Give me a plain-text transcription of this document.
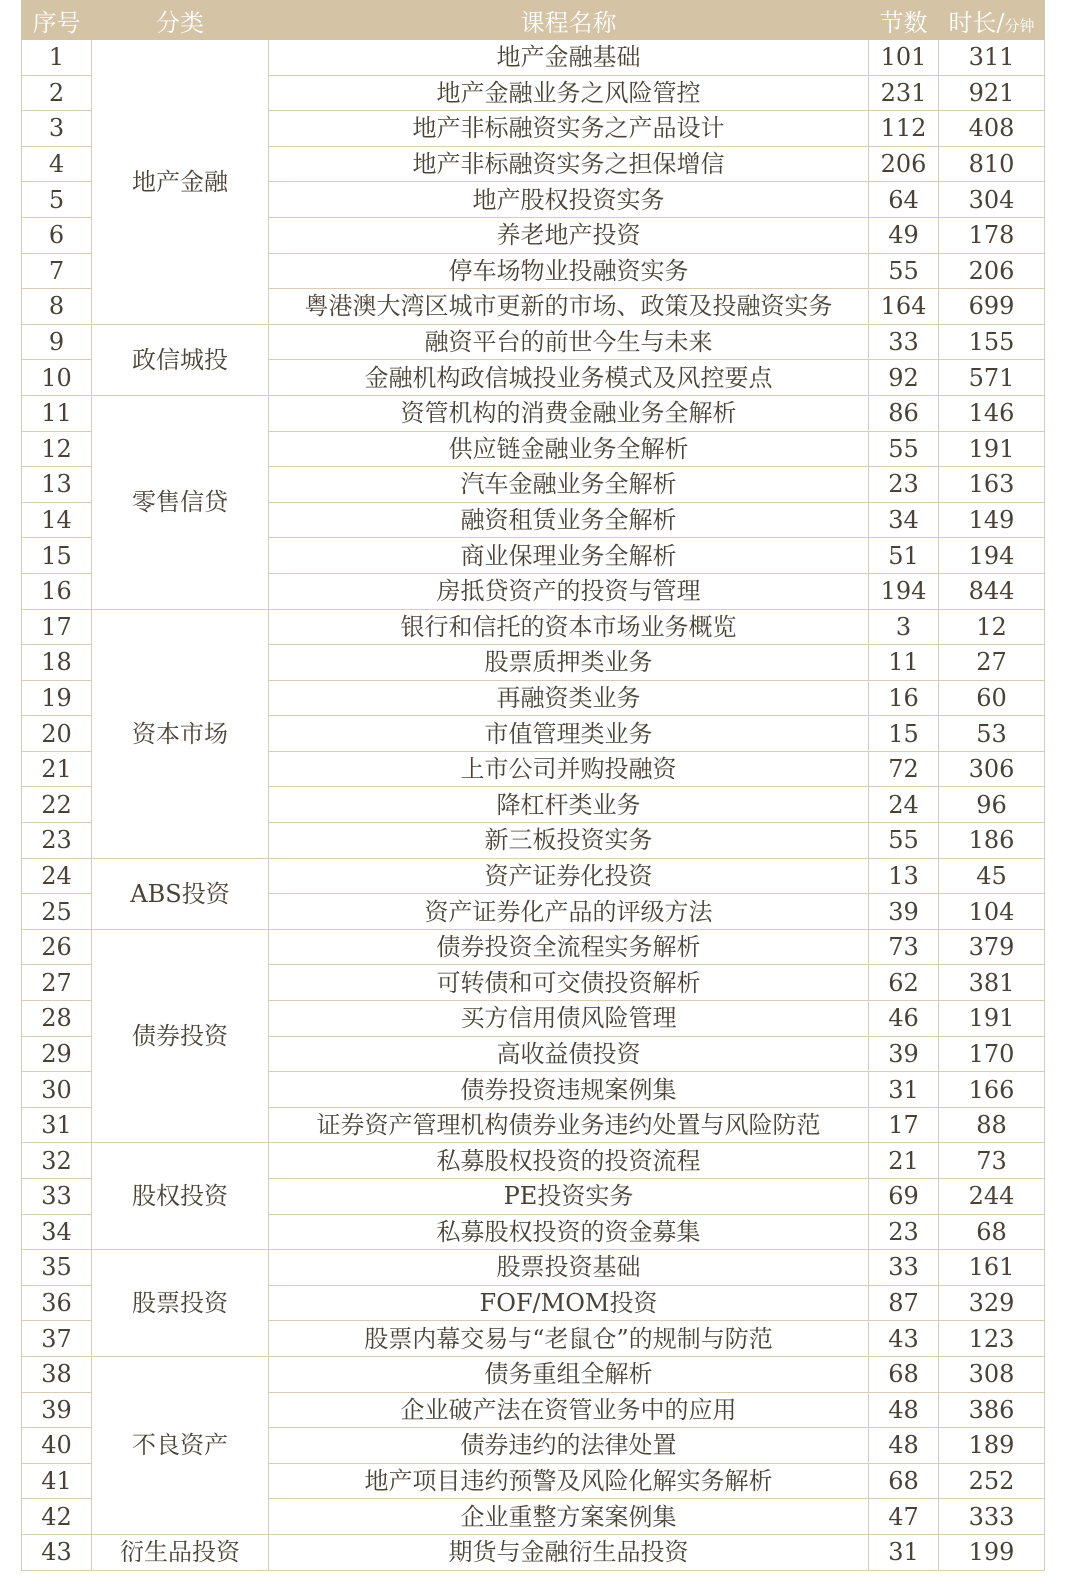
序号	分类	课程名称	节数	时长/分钟
1	地产金融	地产金融基础	101	311
2		地产金融业务之风险管控	231	921
3		地产非标融资实务之产品设计	112	408
4		地产非标融资实务之担保增信	206	810
5		地产股权投资实务	64	304
6		养老地产投资	49	178
7		停车场物业投融资实务	55	206
8		粤港澳大湾区城市更新的市场、政策及投融资实务	164	699
9	政信城投	融资平台的前世今生与未来	33	155
10		金融机构政信城投业务模式及风控要点	92	571
11	零售信贷	资管机构的消费金融业务全解析	86	146
12		供应链金融业务全解析	55	191
13		汽车金融业务全解析	23	163
14		融资租赁业务全解析	34	149
15		商业保理业务全解析	51	194
16		房抵贷资产的投资与管理	194	844
17	资本市场	银行和信托的资本市场业务概览	3	12
18		股票质押类业务	11	27
19		再融资类业务	16	60
20		市值管理类业务	15	53
21		上市公司并购投融资	72	306
22		降杠杆类业务	24	96
23		新三板投资实务	55	186
24	ABS投资	资产证券化投资	13	45
25		资产证券化产品的评级方法	39	104
26	债券投资	债券投资全流程实务解析	73	379
27		可转债和可交债投资解析	62	381
28		买方信用债风险管理	46	191
29		高收益债投资	39	170
30		债券投资违规案例集	31	166
31		证券资产管理机构债券业务违约处置与风险防范	17	88
32	股权投资	私募股权投资的投资流程	21	73
33		PE投资实务	69	244
34		私募股权投资的资金募集	23	68
35	股票投资	股票投资基础	33	161
36		FOF/MOM投资	87	329
37		股票内幕交易与“老鼠仓”的规制与防范	43	123
38	不良资产	债务重组全解析	68	308
39		企业破产法在资管业务中的应用	48	386
40		债券违约的法律处置	48	189
41		地产项目违约预警及风险化解实务解析	68	252
42		企业重整方案案例集	47	333
43	衍生品投资	期货与金融衍生品投资	31	199
